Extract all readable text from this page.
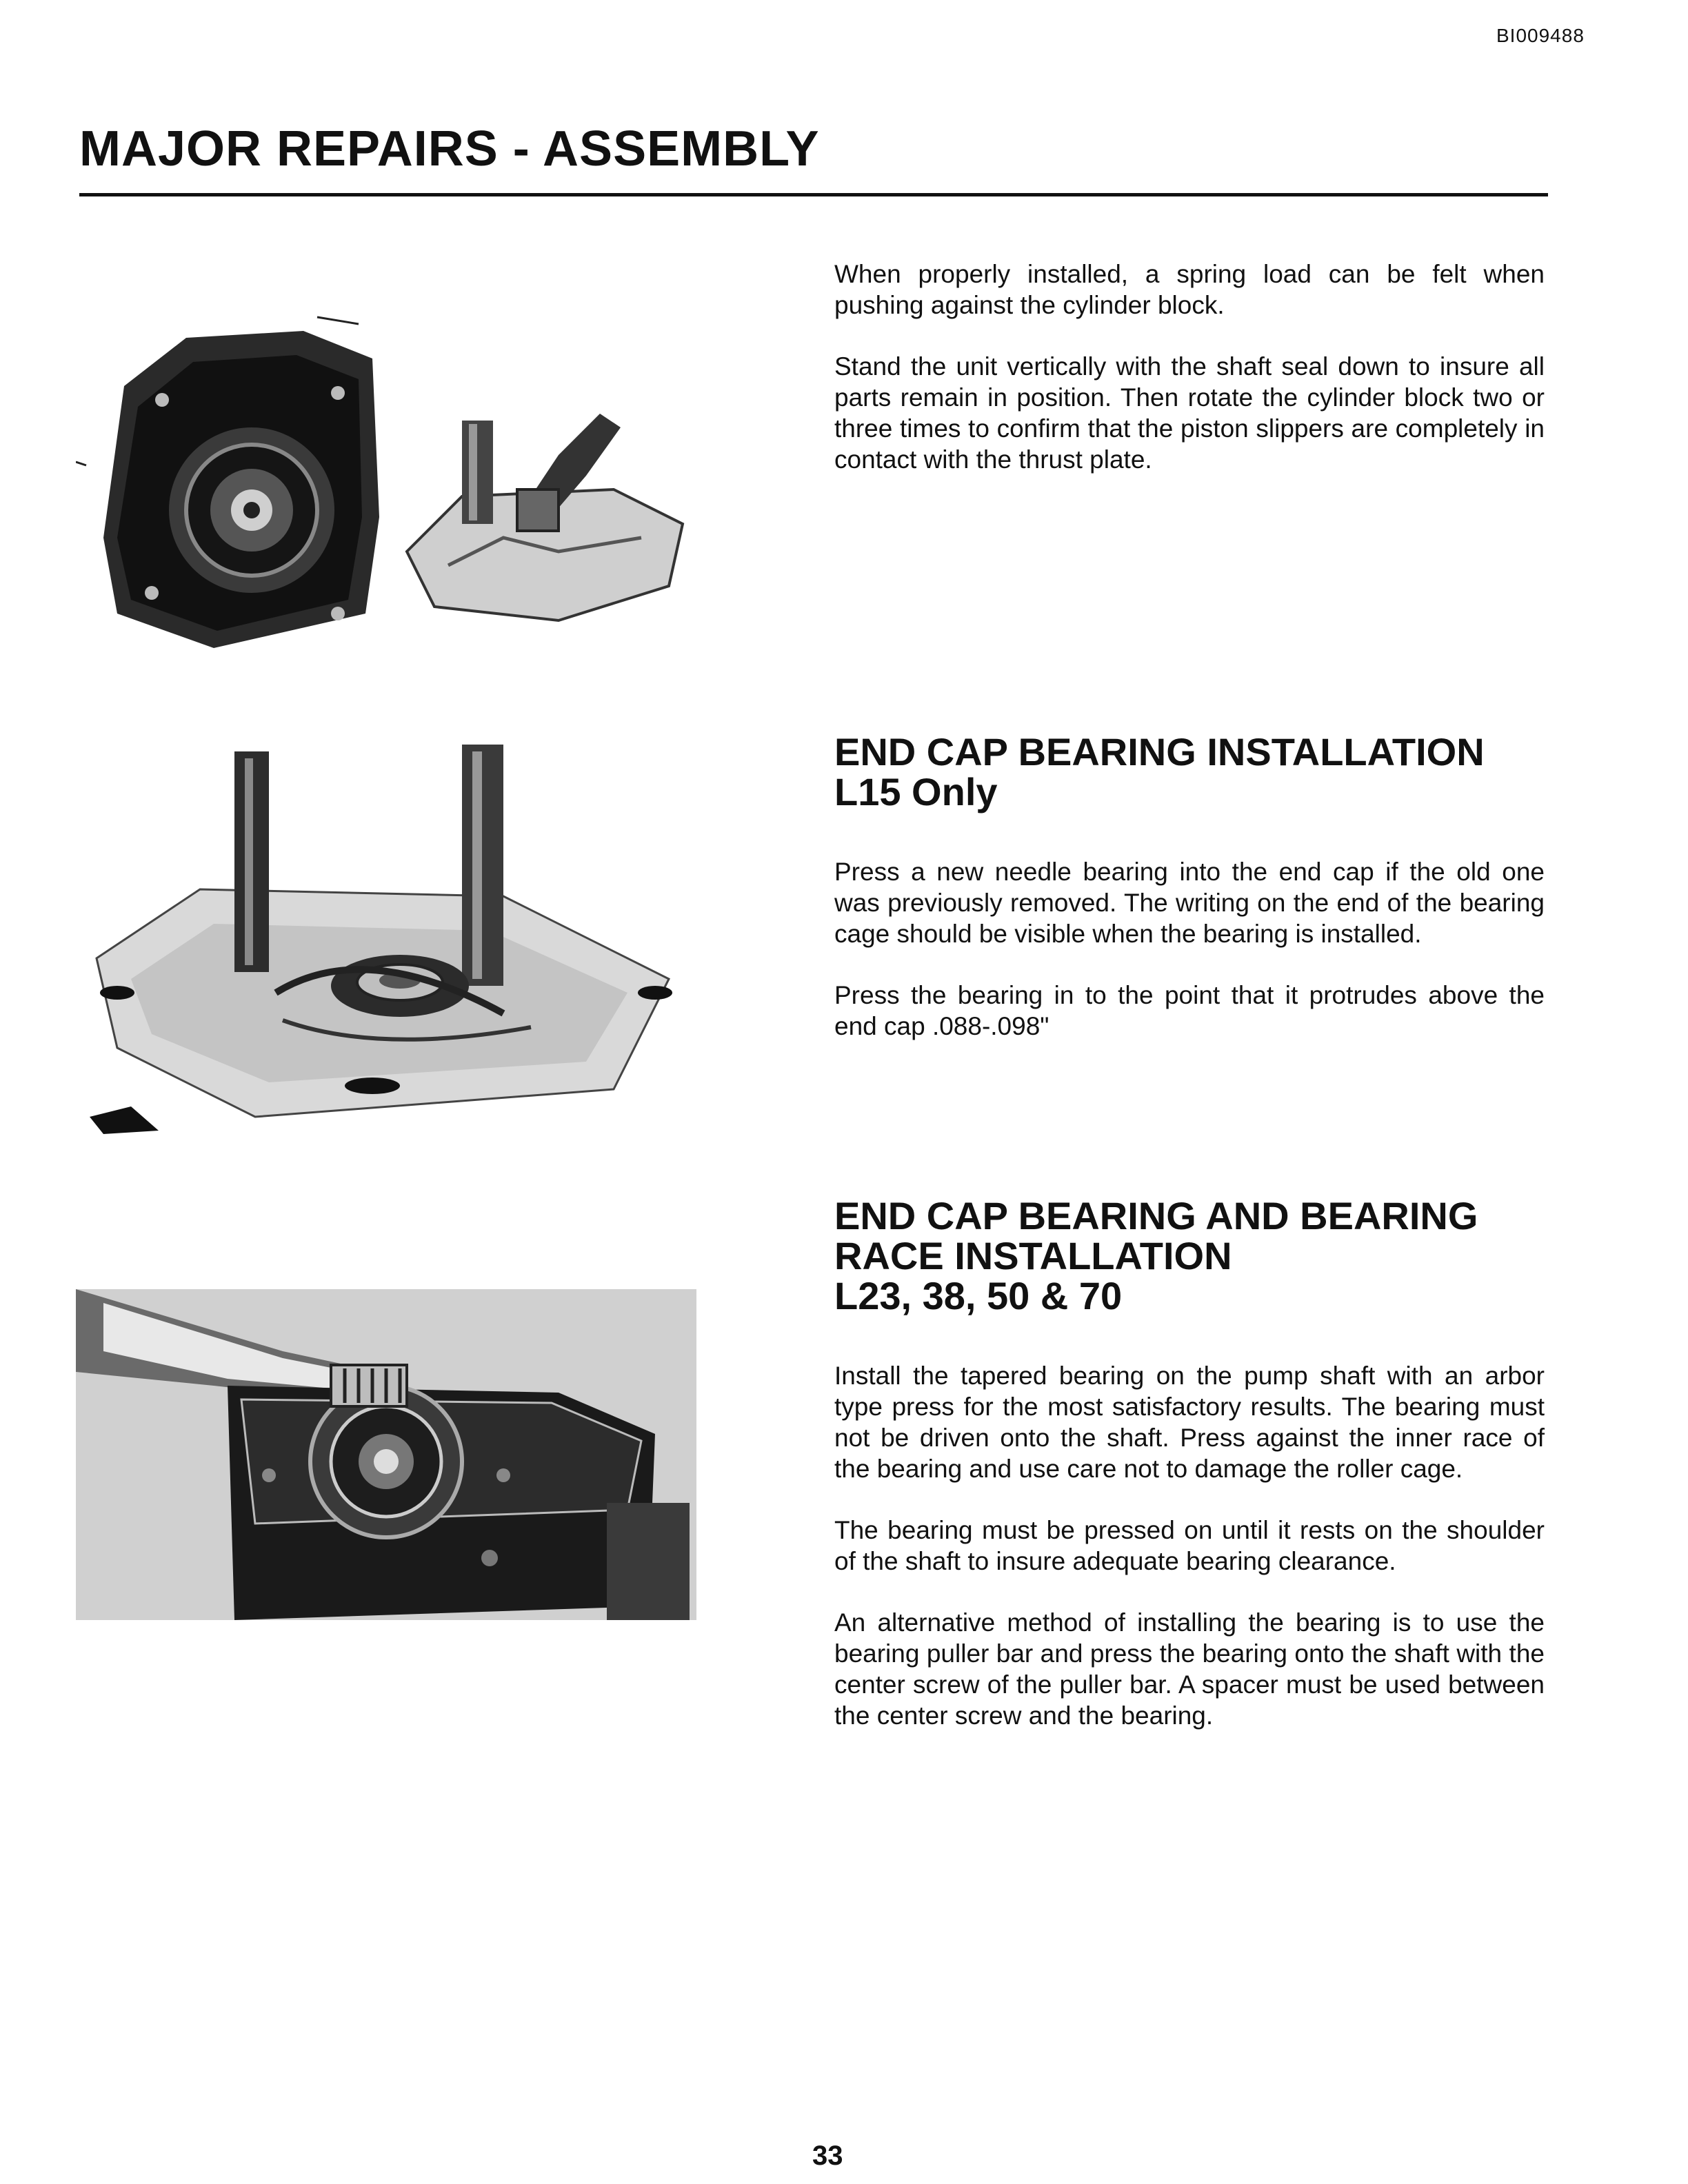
BI009488
MAJOR REPAIRS - ASSEMBLY

When properly installed, a spring load can be felt when pushing against the cylinder block.

Stand the unit vertically with the shaft seal down to insure all parts remain in position. Then rotate the cylinder block two or three times to confirm that the piston slippers are completely in contact with the thrust plate.

END CAP BEARING INSTALLATION
L15 Only

Press a new needle bearing into the end cap if the old one was previously removed. The writing on the end of the bearing cage should be visible when the bearing is installed.

Press the bearing in to the point that it protrudes above the end cap .088-.098"

END CAP BEARING AND BEARING
RACE INSTALLATION
L23, 38, 50 & 70

Install the tapered bearing on the pump shaft with an arbor type press for the most satisfactory results. The bearing must not be driven onto the shaft. Press against the inner race of the bearing and use care not to damage the roller cage.

The bearing must be pressed on until it rests on the shoulder of the shaft to insure adequate bearing clearance.

An alternative method of installing the bearing is to use the bearing puller bar and press the bearing onto the shaft with the center screw of the puller bar. A spacer must be used between the center screw and the bearing.

33
